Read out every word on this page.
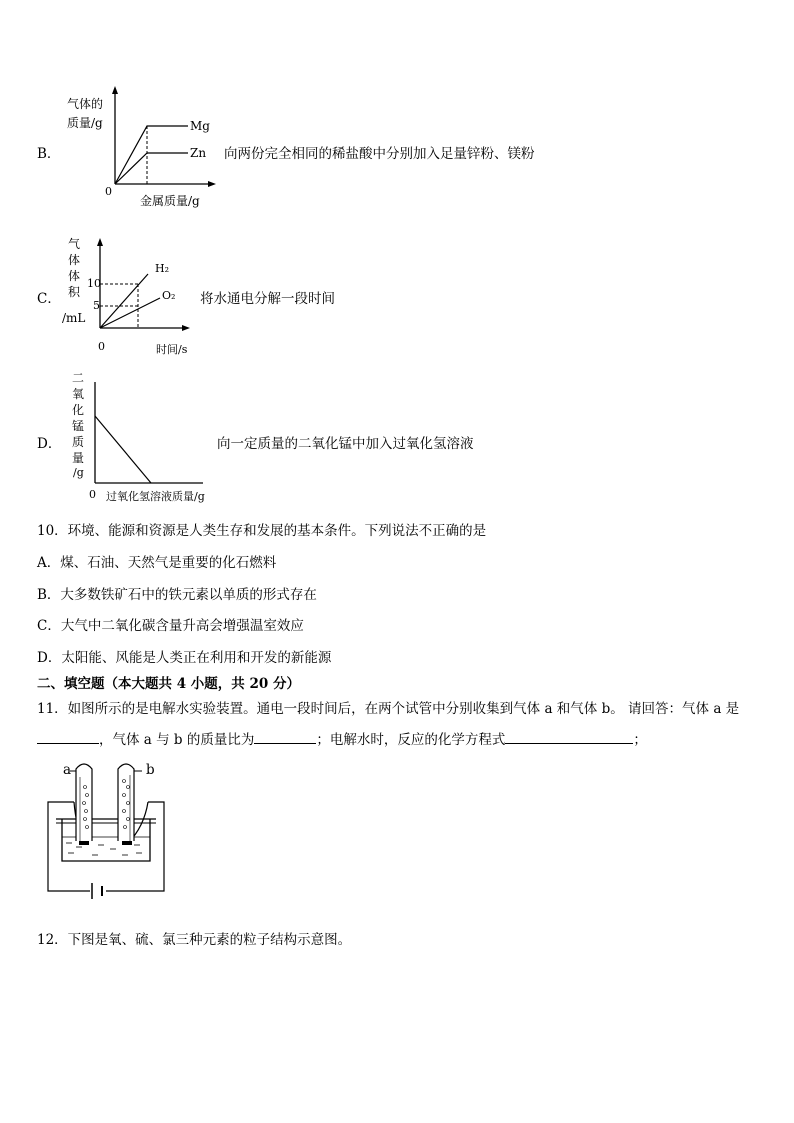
B．
气体的
质量/g
0
Mg
Zn
金属质量/g
向两份完全相同的稀盐酸中分别加入足量锌粉、镁粉
C．
气体体积
/mL
10
5
0	时间/s
H₂
O₂ 将水通电分解一段时间
D．
二氧化锰质量
/g
0 过氧化氢溶液质量/g
向一定质量的二氧化锰中加入过氧化氢溶液
10．环境、能源和资源是人类生存和发展的基本条件。下列说法不正确的是
A．煤、石油、天然气是重要的化石燃料
B．大多数铁矿石中的铁元素以单质的形式存在
C．大气中二氧化碳含量升高会增强温室效应
D．太阳能、风能是人类正在利用和开发的新能源
二、填空题（本大题共 4 小题，共 20 分）
11．如图所示的是电解水实验装置。通电一段时间后，在两个试管中分别收集到气体 a 和气体 b。 请回答：气体 a 是
，气体 a 与 b 的质量比为	；电解水时，反应的化学方程式	；
a	b
12．下图是氧、硫、氯三种元素的粒子结构示意图。
